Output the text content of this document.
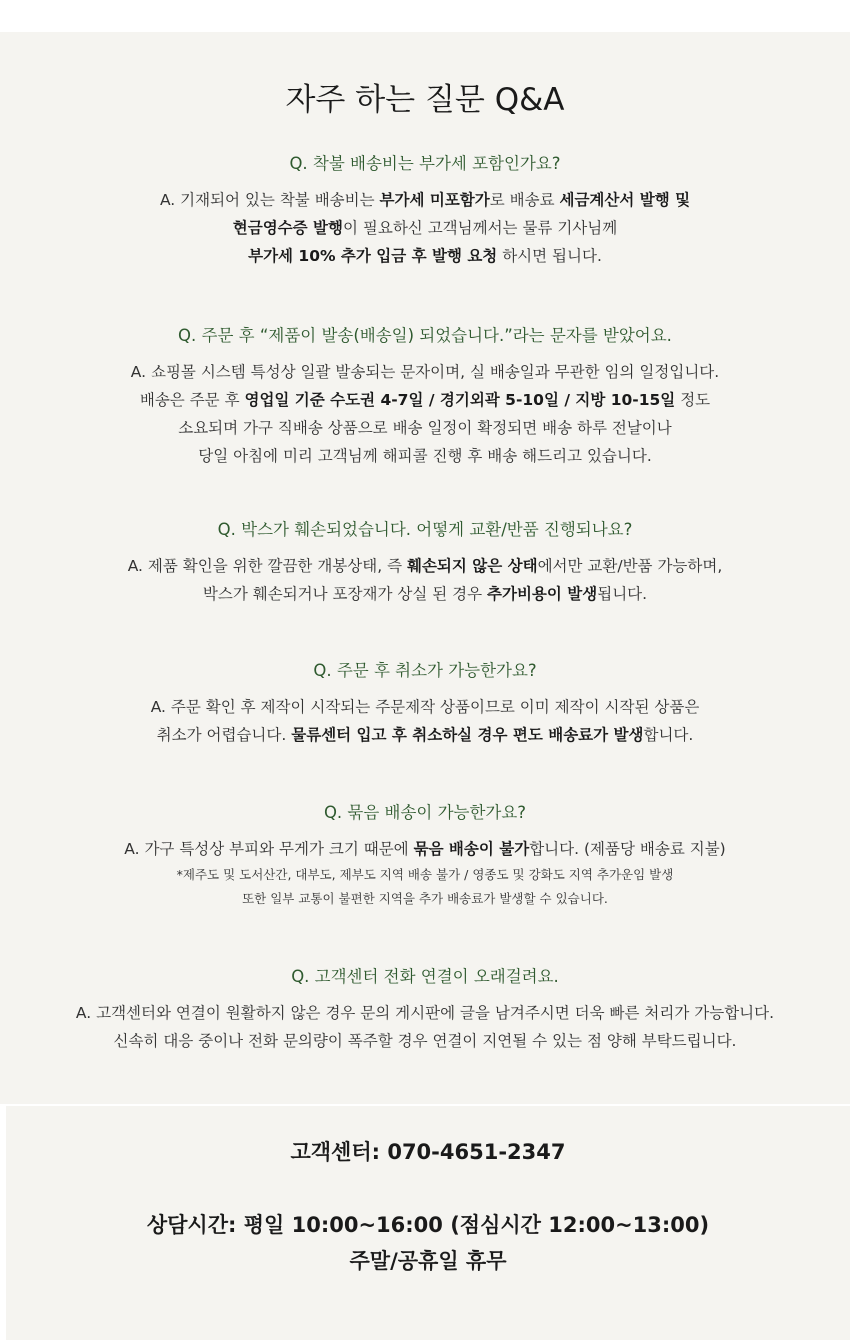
자주 하는 질문 Q&A

Q. 착불 배송비는 부가세 포함인가요?

A. 기재되어 있는 착불 배송비는 부가세 미포함가로 배송료 세금계산서 발행 및

현금영수증 발행이 필요하신 고객님께서는 물류 기사님께

부가세 10% 추가 입금 후 발행 요청 하시면 됩니다.

Q. 주문 후 “제품이 발송(배송일) 되었습니다.”라는 문자를 받았어요.

A. 쇼핑몰 시스템 특성상 일괄 발송되는 문자이며, 실 배송일과 무관한 임의 일정입니다.

배송은 주문 후 영업일 기준 수도권 4-7일 / 경기외곽 5-10일 / 지방 10-15일 정도

소요되며 가구 직배송 상품으로 배송 일정이 확정되면 배송 하루 전날이나

당일 아침에 미리 고객님께 해피콜 진행 후 배송 해드리고 있습니다.

Q. 박스가 훼손되었습니다. 어떻게 교환/반품 진행되나요?

A. 제품 확인을 위한 깔끔한 개봉상태, 즉 훼손되지 않은 상태에서만 교환/반품 가능하며,

박스가 훼손되거나 포장재가 상실 된 경우 추가비용이 발생됩니다.

Q. 주문 후 취소가 가능한가요?

A. 주문 확인 후 제작이 시작되는 주문제작 상품이므로 이미 제작이 시작된 상품은

취소가 어렵습니다. 물류센터 입고 후 취소하실 경우 편도 배송료가 발생합니다.

Q. 묶음 배송이 가능한가요?

A. 가구 특성상 부피와 무게가 크기 때문에 묶음 배송이 불가합니다. (제품당 배송료 지불)

*제주도 및 도서산간, 대부도, 제부도 지역 배송 불가 / 영종도 및 강화도 지역 추가운임 발생

또한 일부 교통이 불편한 지역을 추가 배송료가 발생할 수 있습니다.

Q. 고객센터 전화 연결이 오래걸려요.

A. 고객센터와 연결이 원활하지 않은 경우 문의 게시판에 글을 남겨주시면 더욱 빠른 처리가 가능합니다.

신속히 대응 중이나 전화 문의량이 폭주할 경우 연결이 지연될 수 있는 점 양해 부탁드립니다.

고객센터: 070-4651-2347

상담시간: 평일 10:00~16:00 (점심시간 12:00~13:00)

주말/공휴일 휴무
